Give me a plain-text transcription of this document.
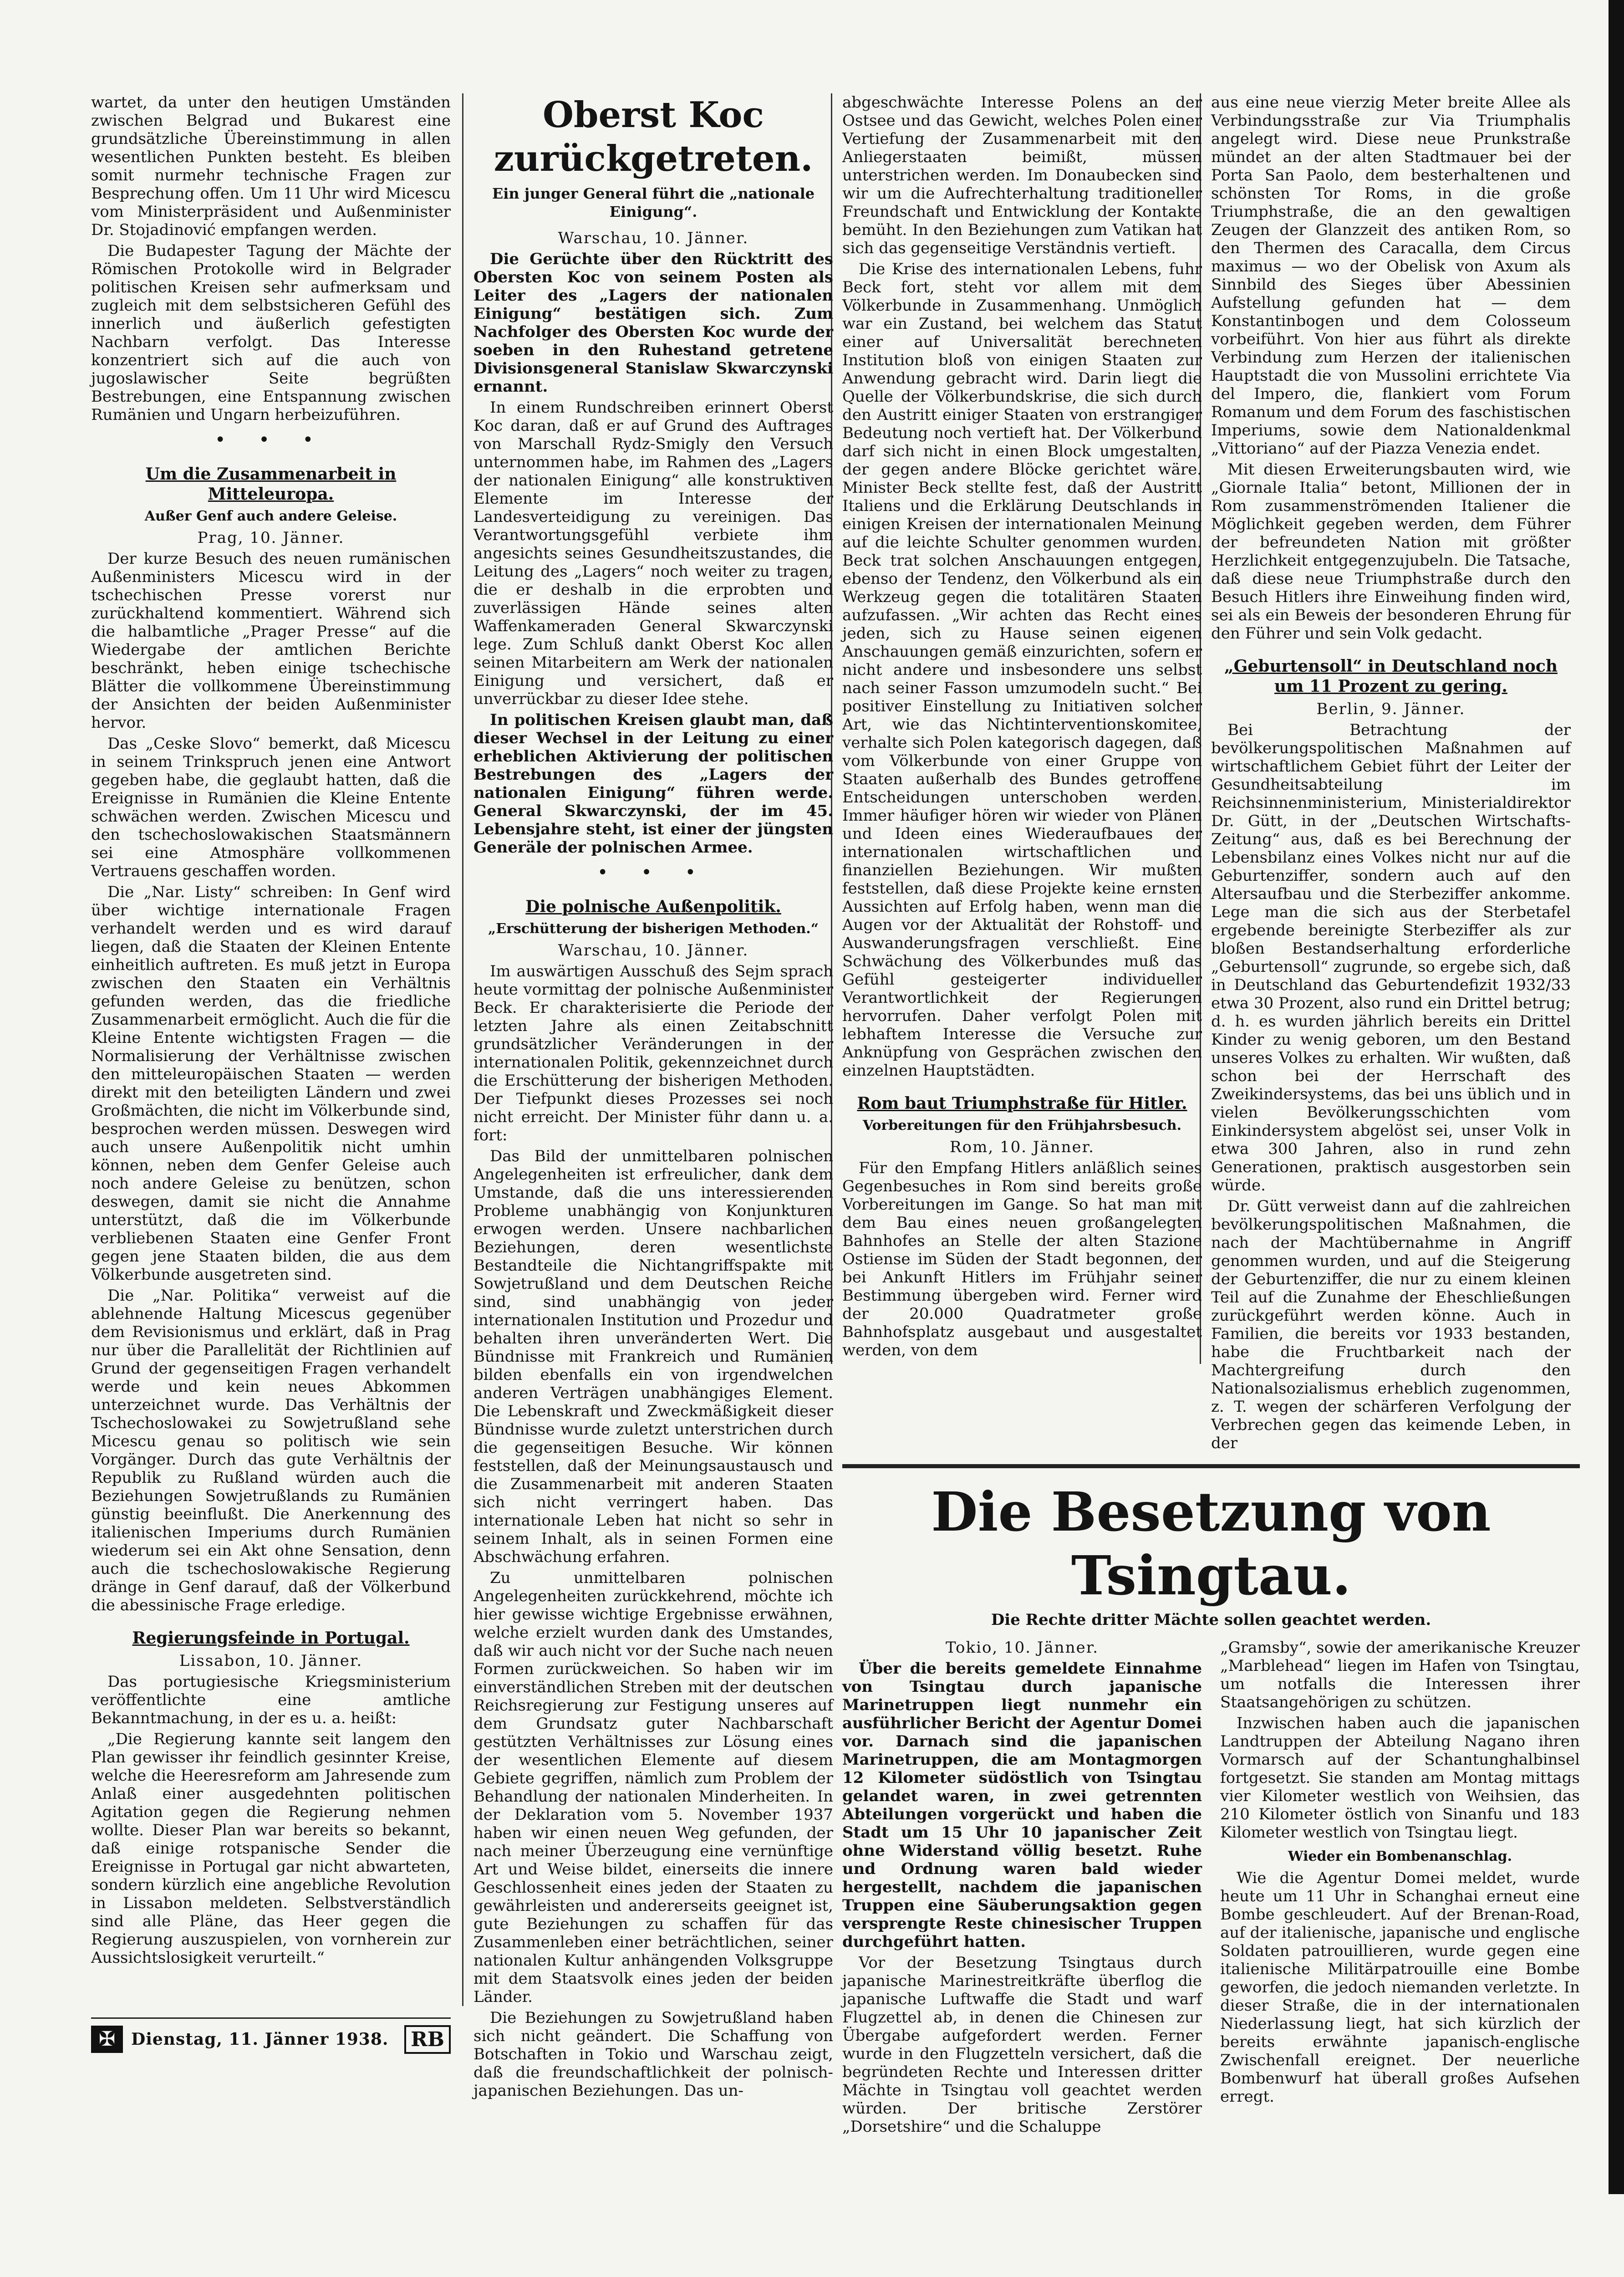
wartet, da unter den heutigen Umständen zwischen Belgrad und Bukarest eine grundsätzliche Übereinstimmung in allen wesentlichen Punkten besteht. Es bleiben somit nurmehr technische Fragen zur Besprechung offen. Um 11 Uhr wird Micescu vom Ministerpräsident und Außenminister Dr. Stojadinović empfangen werden.

Die Budapester Tagung der Mächte der Römischen Protokolle wird in Belgrader politischen Kreisen sehr aufmerksam und zugleich mit dem selbstsicheren Gefühl des innerlich und äußerlich gefestigten Nachbarn verfolgt. Das Interesse konzentriert sich auf die auch von jugoslawischer Seite begrüßten Bestrebungen, eine Entspannung zwischen Rumänien und Ungarn herbeizuführen.

• • •
Um die Zusammenarbeit in Mitteleuropa.
Außer Genf auch andere Geleise.
Prag, 10. Jänner.

Der kurze Besuch des neuen rumänischen Außenministers Micescu wird in der tschechischen Presse vorerst nur zurückhaltend kommentiert. Während sich die halbamtliche „Prager Presse“ auf die Wiedergabe der amtlichen Berichte beschränkt, heben einige tschechische Blätter die vollkommene Übereinstimmung der Ansichten der beiden Außenminister hervor.

Das „Ceske Slovo“ bemerkt, daß Micescu in seinem Trinkspruch jenen eine Antwort gegeben habe, die geglaubt hatten, daß die Ereignisse in Rumänien die Kleine Entente schwächen werden. Zwischen Micescu und den tschechoslowakischen Staatsmännern sei eine Atmosphäre vollkommenen Vertrauens geschaffen worden.

Die „Nar. Listy“ schreiben: In Genf wird über wichtige internationale Fragen verhandelt werden und es wird darauf liegen, daß die Staaten der Kleinen Entente einheitlich auftreten. Es muß jetzt in Europa zwischen den Staaten ein Verhältnis gefunden werden, das die friedliche Zusammenarbeit ermöglicht. Auch die für die Kleine Entente wichtigsten Fragen — die Normalisierung der Verhältnisse zwischen den mitteleuropäischen Staaten — werden direkt mit den beteiligten Ländern und zwei Großmächten, die nicht im Völkerbunde sind, besprochen werden müssen. Deswegen wird auch unsere Außenpolitik nicht umhin können, neben dem Genfer Geleise auch noch andere Geleise zu benützen, schon deswegen, damit sie nicht die Annahme unterstützt, daß die im Völkerbunde verbliebenen Staaten eine Genfer Front gegen jene Staaten bilden, die aus dem Völkerbunde ausgetreten sind.

Die „Nar. Politika“ verweist auf die ablehnende Haltung Micescus gegenüber dem Revisionismus und erklärt, daß in Prag nur über die Parallelität der Richtlinien auf Grund der gegenseitigen Fragen verhandelt werde und kein neues Abkommen unterzeichnet wurde. Das Verhältnis der Tschechoslowakei zu Sowjetrußland sehe Micescu genau so politisch wie sein Vorgänger. Durch das gute Verhältnis der Republik zu Rußland würden auch die Beziehungen Sowjetrußlands zu Rumänien günstig beeinflußt. Die Anerkennung des italienischen Imperiums durch Rumänien wiederum sei ein Akt ohne Sensation, denn auch die tschechoslowakische Regierung dränge in Genf darauf, daß der Völkerbund die abessinische Frage erledige.

Regierungsfeinde in Portugal.
Lissabon, 10. Jänner.

Das portugiesische Kriegsministerium veröffentlichte eine amtliche Bekanntmachung, in der es u. a. heißt:

„Die Regierung kannte seit langem den Plan gewisser ihr feindlich gesinnter Kreise, welche die Heeresreform am Jahresende zum Anlaß einer ausgedehnten politischen Agitation gegen die Regierung nehmen wollte. Dieser Plan war bereits so bekannt, daß einige rotspanische Sender die Ereignisse in Portugal gar nicht abwarteten, sondern kürzlich eine angebliche Revolution in Lissabon meldeten. Selbstverständlich sind alle Pläne, das Heer gegen die Regierung auszuspielen, von vornherein zur Aussichtslosigkeit verurteilt.“

Oberst Koc zurückgetreten.
Ein junger General führt die „nationale Einigung“.
Warschau, 10. Jänner.

Die Gerüchte über den Rücktritt des Obersten Koc von seinem Posten als Leiter des „Lagers der nationalen Einigung“ bestätigen sich. Zum Nachfolger des Obersten Koc wurde der soeben in den Ruhestand getretene Divisionsgeneral Stanislaw Skwarczynski ernannt.

In einem Rundschreiben erinnert Oberst Koc daran, daß er auf Grund des Auftrages von Marschall Rydz-Smigly den Versuch unternommen habe, im Rahmen des „Lagers der nationalen Einigung“ alle konstruktiven Elemente im Interesse der Landesverteidigung zu vereinigen. Das Verantwortungsgefühl verbiete ihm angesichts seines Gesundheitszustandes, die Leitung des „Lagers“ noch weiter zu tragen, die er deshalb in die erprobten und zuverlässigen Hände seines alten Waffenkameraden General Skwarczynski lege. Zum Schluß dankt Oberst Koc allen seinen Mitarbeitern am Werk der nationalen Einigung und versichert, daß er unverrückbar zu dieser Idee stehe.

In politischen Kreisen glaubt man, daß dieser Wechsel in der Leitung zu einer erheblichen Aktivierung der politischen Bestrebungen des „Lagers der nationalen Einigung“ führen werde. General Skwarczynski, der im 45. Lebensjahre steht, ist einer der jüngsten Generäle der polnischen Armee.

• • •
Die polnische Außenpolitik.
„Erschütterung der bisherigen Methoden.“
Warschau, 10. Jänner.

Im auswärtigen Ausschuß des Sejm sprach heute vormittag der polnische Außenminister Beck. Er charakterisierte die Periode der letzten Jahre als einen Zeitabschnitt grundsätzlicher Veränderungen in der internationalen Politik, gekennzeichnet durch die Erschütterung der bisherigen Methoden. Der Tiefpunkt dieses Prozesses sei noch nicht erreicht. Der Minister führ dann u. a. fort:

Das Bild der unmittelbaren polnischen Angelegenheiten ist erfreulicher, dank dem Umstande, daß die uns interessierenden Probleme unabhängig von Konjunkturen erwogen werden. Unsere nachbarlichen Beziehungen, deren wesentlichste Bestandteile die Nichtangriffspakte mit Sowjetrußland und dem Deutschen Reiche sind, sind unabhängig von jeder internationalen Institution und Prozedur und behalten ihren unveränderten Wert. Die Bündnisse mit Frankreich und Rumänien bilden ebenfalls ein von irgendwelchen anderen Verträgen unabhängiges Element. Die Lebenskraft und Zweckmäßigkeit dieser Bündnisse wurde zuletzt unterstrichen durch die gegenseitigen Besuche. Wir können feststellen, daß der Meinungsaustausch und die Zusammenarbeit mit anderen Staaten sich nicht verringert haben. Das internationale Leben hat nicht so sehr in seinem Inhalt, als in seinen Formen eine Abschwächung erfahren.

Zu unmittelbaren polnischen Angelegenheiten zurückkehrend, möchte ich hier gewisse wichtige Ergebnisse erwähnen, welche erzielt wurden dank des Umstandes, daß wir auch nicht vor der Suche nach neuen Formen zurückweichen. So haben wir im einverständlichen Streben mit der deutschen Reichsregierung zur Festigung unseres auf dem Grundsatz guter Nachbarschaft gestützten Verhältnisses zur Lösung eines der wesentlichen Elemente auf diesem Gebiete gegriffen, nämlich zum Problem der Behandlung der nationalen Minderheiten. In der Deklaration vom 5. November 1937 haben wir einen neuen Weg gefunden, der nach meiner Überzeugung eine vernünftige Art und Weise bildet, einerseits die innere Geschlossenheit eines jeden der Staaten zu gewährleisten und andererseits geeignet ist, gute Beziehungen zu schaffen für das Zusammenleben einer beträchtlichen, seiner nationalen Kultur anhängenden Volksgruppe mit dem Staatsvolk eines jeden der beiden Länder.

Die Beziehungen zu Sowjetrußland haben sich nicht geändert. Die Schaffung von Botschaften in Tokio und Warschau zeigt, daß die freundschaftlichkeit der polnisch-japanischen Beziehungen. Das un-

abgeschwächte Interesse Polens an der Ostsee und das Gewicht, welches Polen einer Vertiefung der Zusammenarbeit mit den Anliegerstaaten beimißt, müssen unterstrichen werden. Im Donaubecken sind wir um die Aufrechterhaltung traditioneller Freundschaft und Entwicklung der Kontakte bemüht. In den Beziehungen zum Vatikan hat sich das gegenseitige Verständnis vertieft.

Die Krise des internationalen Lebens, fuhr Beck fort, steht vor allem mit dem Völkerbunde in Zusammenhang. Unmöglich war ein Zustand, bei welchem das Statut einer auf Universalität berechneten Institution bloß von einigen Staaten zur Anwendung gebracht wird. Darin liegt die Quelle der Völkerbundskrise, die sich durch den Austritt einiger Staaten von erstrangiger Bedeutung noch vertieft hat. Der Völkerbund darf sich nicht in einen Block umgestalten, der gegen andere Blöcke gerichtet wäre. Minister Beck stellte fest, daß der Austritt Italiens und die Erklärung Deutschlands in einigen Kreisen der internationalen Meinung auf die leichte Schulter genommen wurden. Beck trat solchen Anschauungen entgegen, ebenso der Tendenz, den Völkerbund als ein Werkzeug gegen die totalitären Staaten aufzufassen. „Wir achten das Recht eines jeden, sich zu Hause seinen eigenen Anschauungen gemäß einzurichten, sofern er nicht andere und insbesondere uns selbst nach seiner Fasson umzumodeln sucht.“ Bei positiver Einstellung zu Initiativen solcher Art, wie das Nichtinterventionskomitee, verhalte sich Polen kategorisch dagegen, daß vom Völkerbunde von einer Gruppe von Staaten außerhalb des Bundes getroffene Entscheidungen unterschoben werden. Immer häufiger hören wir wieder von Plänen und Ideen eines Wiederaufbaues der internationalen wirtschaftlichen und finanziellen Beziehungen. Wir mußten feststellen, daß diese Projekte keine ernsten Aussichten auf Erfolg haben, wenn man die Augen vor der Aktualität der Rohstoff- und Auswanderungsfragen verschließt. Eine Schwächung des Völkerbundes muß das Gefühl gesteigerter individueller Verantwortlichkeit der Regierungen hervorrufen. Daher verfolgt Polen mit lebhaftem Interesse die Versuche zur Anknüpfung von Gesprächen zwischen den einzelnen Hauptstädten.

Rom baut Triumphstraße für Hitler.
Vorbereitungen für den Frühjahrsbesuch.
Rom, 10. Jänner.

Für den Empfang Hitlers anläßlich seines Gegenbesuches in Rom sind bereits große Vorbereitungen im Gange. So hat man mit dem Bau eines neuen großangelegten Bahnhofes an Stelle der alten Stazione Ostiense im Süden der Stadt begonnen, der bei Ankunft Hitlers im Frühjahr seiner Bestimmung übergeben wird. Ferner wird der 20.000 Quadratmeter große Bahnhofsplatz ausgebaut und ausgestaltet werden, von dem

aus eine neue vierzig Meter breite Allee als Verbindungsstraße zur Via Triumphalis angelegt wird. Diese neue Prunkstraße mündet an der alten Stadtmauer bei der Porta San Paolo, dem besterhaltenen und schönsten Tor Roms, in die große Triumphstraße, die an den gewaltigen Zeugen der Glanzzeit des antiken Rom, so den Thermen des Caracalla, dem Circus maximus — wo der Obelisk von Axum als Sinnbild des Sieges über Abessinien Aufstellung gefunden hat — dem Konstantinbogen und dem Colosseum vorbeiführt. Von hier aus führt als direkte Verbindung zum Herzen der italienischen Hauptstadt die von Mussolini errichtete Via del Impero, die, flankiert vom Forum Romanum und dem Forum des faschistischen Imperiums, sowie dem Nationaldenkmal „Vittoriano“ auf der Piazza Venezia endet.

Mit diesen Erweiterungsbauten wird, wie „Giornale Italia“ betont, Millionen der in Rom zusammenströmenden Italiener die Möglichkeit gegeben werden, dem Führer der befreundeten Nation mit größter Herzlichkeit entgegenzujubeln. Die Tatsache, daß diese neue Triumphstraße durch den Besuch Hitlers ihre Einweihung finden wird, sei als ein Beweis der besonderen Ehrung für den Führer und sein Volk gedacht.

„Geburtensoll“ in Deutschland noch um 11 Prozent zu gering.
Berlin, 9. Jänner.

Bei Betrachtung der bevölkerungspolitischen Maßnahmen auf wirtschaftlichem Gebiet führt der Leiter der Gesundheitsabteilung im Reichsinnenministerium, Ministerialdirektor Dr. Gütt, in der „Deutschen Wirtschafts-Zeitung“ aus, daß es bei Berechnung der Lebensbilanz eines Volkes nicht nur auf die Geburtenziffer, sondern auch auf den Altersaufbau und die Sterbeziffer ankomme. Lege man die sich aus der Sterbetafel ergebende bereinigte Sterbeziffer als zur bloßen Bestandserhaltung erforderliche „Geburtensoll“ zugrunde, so ergebe sich, daß in Deutschland das Geburtendefizit 1932/33 etwa 30 Prozent, also rund ein Drittel betrug; d. h. es wurden jährlich bereits ein Drittel Kinder zu wenig geboren, um den Bestand unseres Volkes zu erhalten. Wir wußten, daß schon bei der Herrschaft des Zweikindersystems, das bei uns üblich und in vielen Bevölkerungsschichten vom Einkindersystem abgelöst sei, unser Volk in etwa 300 Jahren, also in rund zehn Generationen, praktisch ausgestorben sein würde.

Dr. Gütt verweist dann auf die zahlreichen bevölkerungspolitischen Maßnahmen, die nach der Machtübernahme in Angriff genommen wurden, und auf die Steigerung der Geburtenziffer, die nur zu einem kleinen Teil auf die Zunahme der Eheschließungen zurückgeführt werden könne. Auch in Familien, die bereits vor 1933 bestanden, habe die Fruchtbarkeit nach der Machtergreifung durch den Nationalsozialismus erheblich zugenommen, z. T. wegen der schärferen Verfolgung der Verbrechen gegen das keimende Leben, in der

Die Besetzung von Tsingtau.
Die Rechte dritter Mächte sollen geachtet werden.
Tokio, 10. Jänner.

Über die bereits gemeldete Einnahme von Tsingtau durch japanische Marinetruppen liegt nunmehr ein ausführlicher Bericht der Agentur Domei vor. Darnach sind die japanischen Marinetruppen, die am Montagmorgen 12 Kilometer südöstlich von Tsingtau gelandet waren, in zwei getrennten Abteilungen vorgerückt und haben die Stadt um 15 Uhr 10 japanischer Zeit ohne Widerstand völlig besetzt. Ruhe und Ordnung waren bald wieder hergestellt, nachdem die japanischen Truppen eine Säuberungsaktion gegen versprengte Reste chinesischer Truppen durchgeführt hatten.

Vor der Besetzung Tsingtaus durch japanische Marinestreitkräfte überflog die japanische Luftwaffe die Stadt und warf Flugzettel ab, in denen die Chinesen zur Übergabe aufgefordert werden. Ferner wurde in den Flugzetteln versichert, daß die begründeten Rechte und Interessen dritter Mächte in Tsingtau voll geachtet werden würden. Der britische Zerstörer „Dorsetshire“ und die Schaluppe

„Gramsby“, sowie der amerikanische Kreuzer „Marblehead“ liegen im Hafen von Tsingtau, um notfalls die Interessen ihrer Staatsangehörigen zu schützen.

Inzwischen haben auch die japanischen Landtruppen der Abteilung Nagano ihren Vormarsch auf der Schantunghalbinsel fortgesetzt. Sie standen am Montag mittags vier Kilometer westlich von Weihsien, das 210 Kilometer östlich von Sinanfu und 183 Kilometer westlich von Tsingtau liegt.

Wieder ein Bombenanschlag.

Wie die Agentur Domei meldet, wurde heute um 11 Uhr in Schanghai erneut eine Bombe geschleudert. Auf der Brenan-Road, auf der italienische, japanische und englische Soldaten patrouillieren, wurde gegen eine italienische Militärpatrouille eine Bombe geworfen, die jedoch niemanden verletzte. In dieser Straße, die in der internationalen Niederlassung liegt, hat sich kürzlich der bereits erwähnte japanisch-englische Zwischenfall ereignet. Der neuerliche Bombenwurf hat überall großes Aufsehen erregt.

✠ Dienstag, 11. Jänner 1938.	RB
